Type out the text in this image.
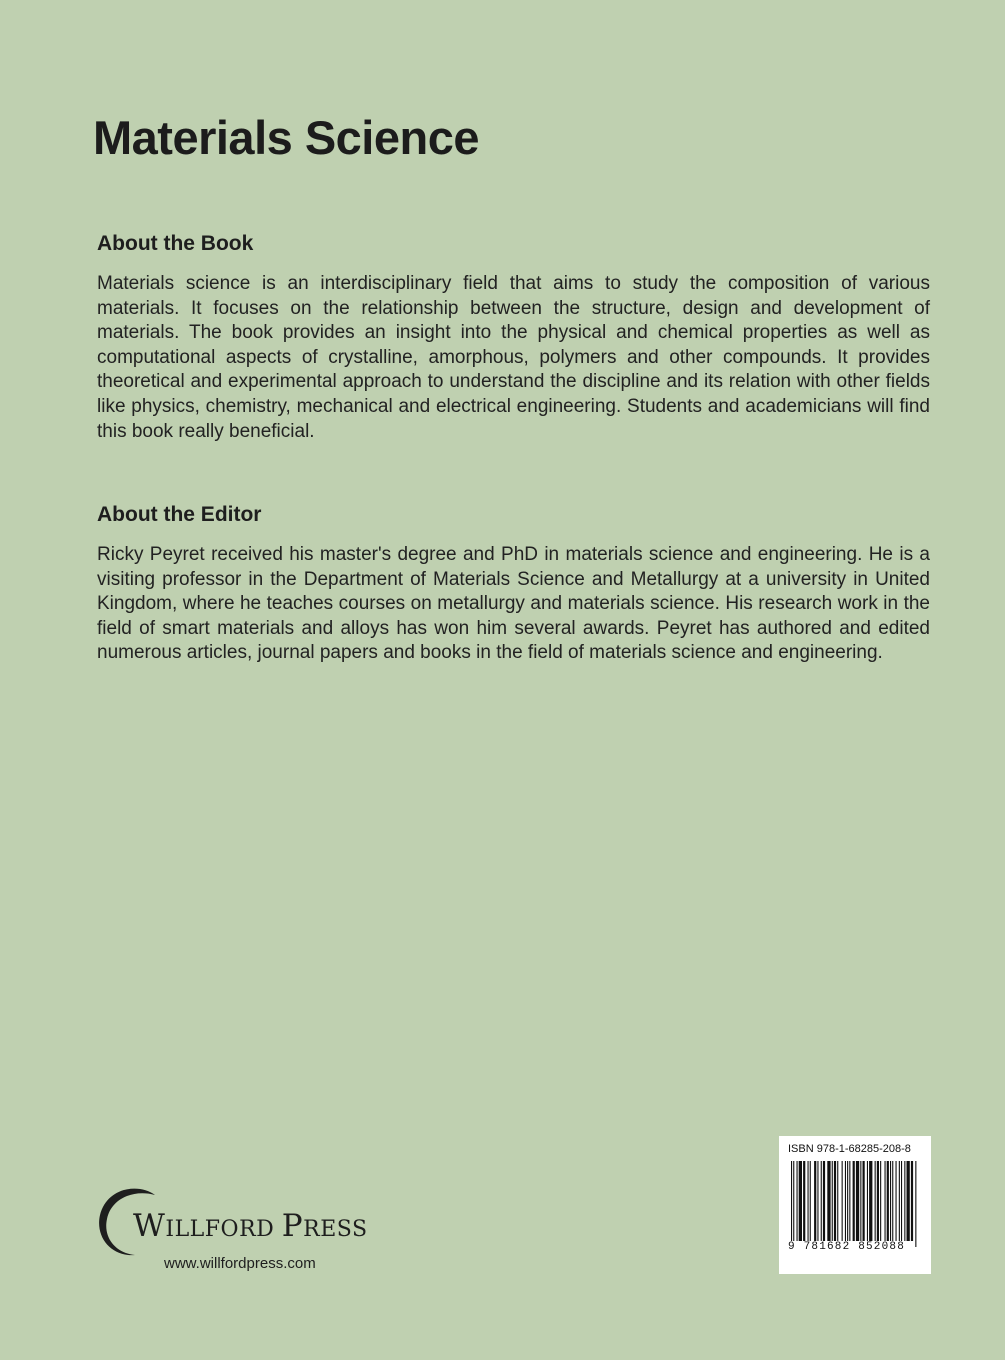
Materials Science
About the Book

Materials science is an interdisciplinary field that aims to study the composition of various materials. It focuses on the relationship between the structure, design and development of materials. The book provides an insight into the physical and chemical properties as well as computational aspects of crystalline, amorphous, polymers and other compounds. It provides theoretical and experimental approach to understand the discipline and its relation with other fields like physics, chemistry, mechanical and electrical engineering. Students and academicians will find this book really beneficial.

About the Editor

Ricky Peyret received his master's degree and PhD in materials science and engineering. He is a visiting professor in the Department of Materials Science and Metallurgy at a university in United Kingdom, where he teaches courses on metallurgy and materials science. His research work in the field of smart materials and alloys has won him several awards. Peyret has authored and edited numerous articles, journal papers and books in the field of materials science and engineering.

WILLFORD PRESS
www.willfordpress.com
ISBN 978-1-68285-208-8
9 781682 852088
